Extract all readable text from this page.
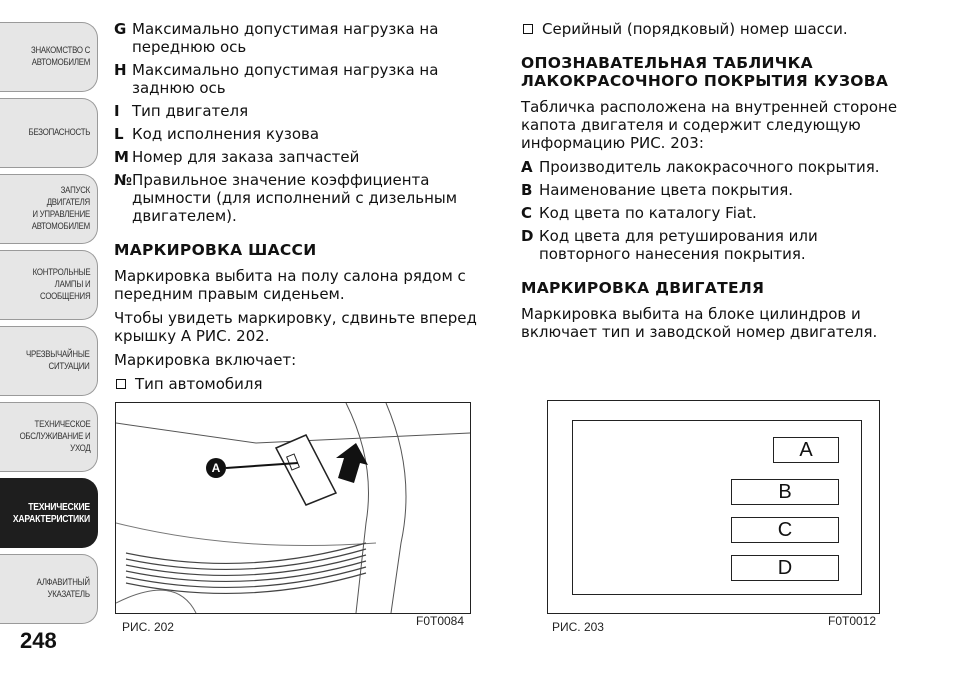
ЗНАКОМСТВО С
АВТОМОБИЛЕМ
БЕЗОПАСНОСТЬ
ЗАПУСК ДВИГАТЕЛЯ
И УПРАВЛЕНИЕ
АВТОМОБИЛЕМ
КОНТРОЛЬНЫЕ
ЛАМПЫ И
СООБЩЕНИЯ
ЧРЕЗВЫЧАЙНЫЕ
СИТУАЦИИ
ТЕХНИЧЕСКОЕ
ОБСЛУЖИВАНИЕ И
УХОД
ТЕХНИЧЕСКИЕ
ХАРАКТЕРИСТИКИ
АЛФАВИТНЫЙ
УКАЗАТЕЛЬ
248
G Максимально допустимая нагрузка на переднюю ось
H Максимально допустимая нагрузка на заднюю ось
I Тип двигателя
L Код исполнения кузова
M Номер для заказа запчастей
№ Правильное значение коэффициента дымности (для исполнений с дизельным двигателем).
МАРКИРОВКА ШАССИ
Маркировка выбита на полу салона рядом с передним правым сиденьем.
Чтобы увидеть маркировку, сдвиньте вперед крышку A РИС. 202.
Маркировка включает:
Тип автомобиля
Серийный (порядковый) номер шасси.
ОПОЗНАВАТЕЛЬНАЯ ТАБЛИЧКА ЛАКОКРАСОЧНОГО ПОКРЫТИЯ КУЗОВА
Табличка расположена на внутренней стороне капота двигателя и содержит следующую информацию РИС. 203:
A Производитель лакокрасочного покрытия.
B Наименование цвета покрытия.
C Код цвета по каталогу Fiat.
D Код цвета для ретуширования или повторного нанесения покрытия.
МАРКИРОВКА ДВИГАТЕЛЯ
Маркировка выбита на блоке цилиндров и включает тип и заводской номер двигателя.
A
РИС. 202	F0T0084
A
B
C
D
РИС. 203	F0T0012
